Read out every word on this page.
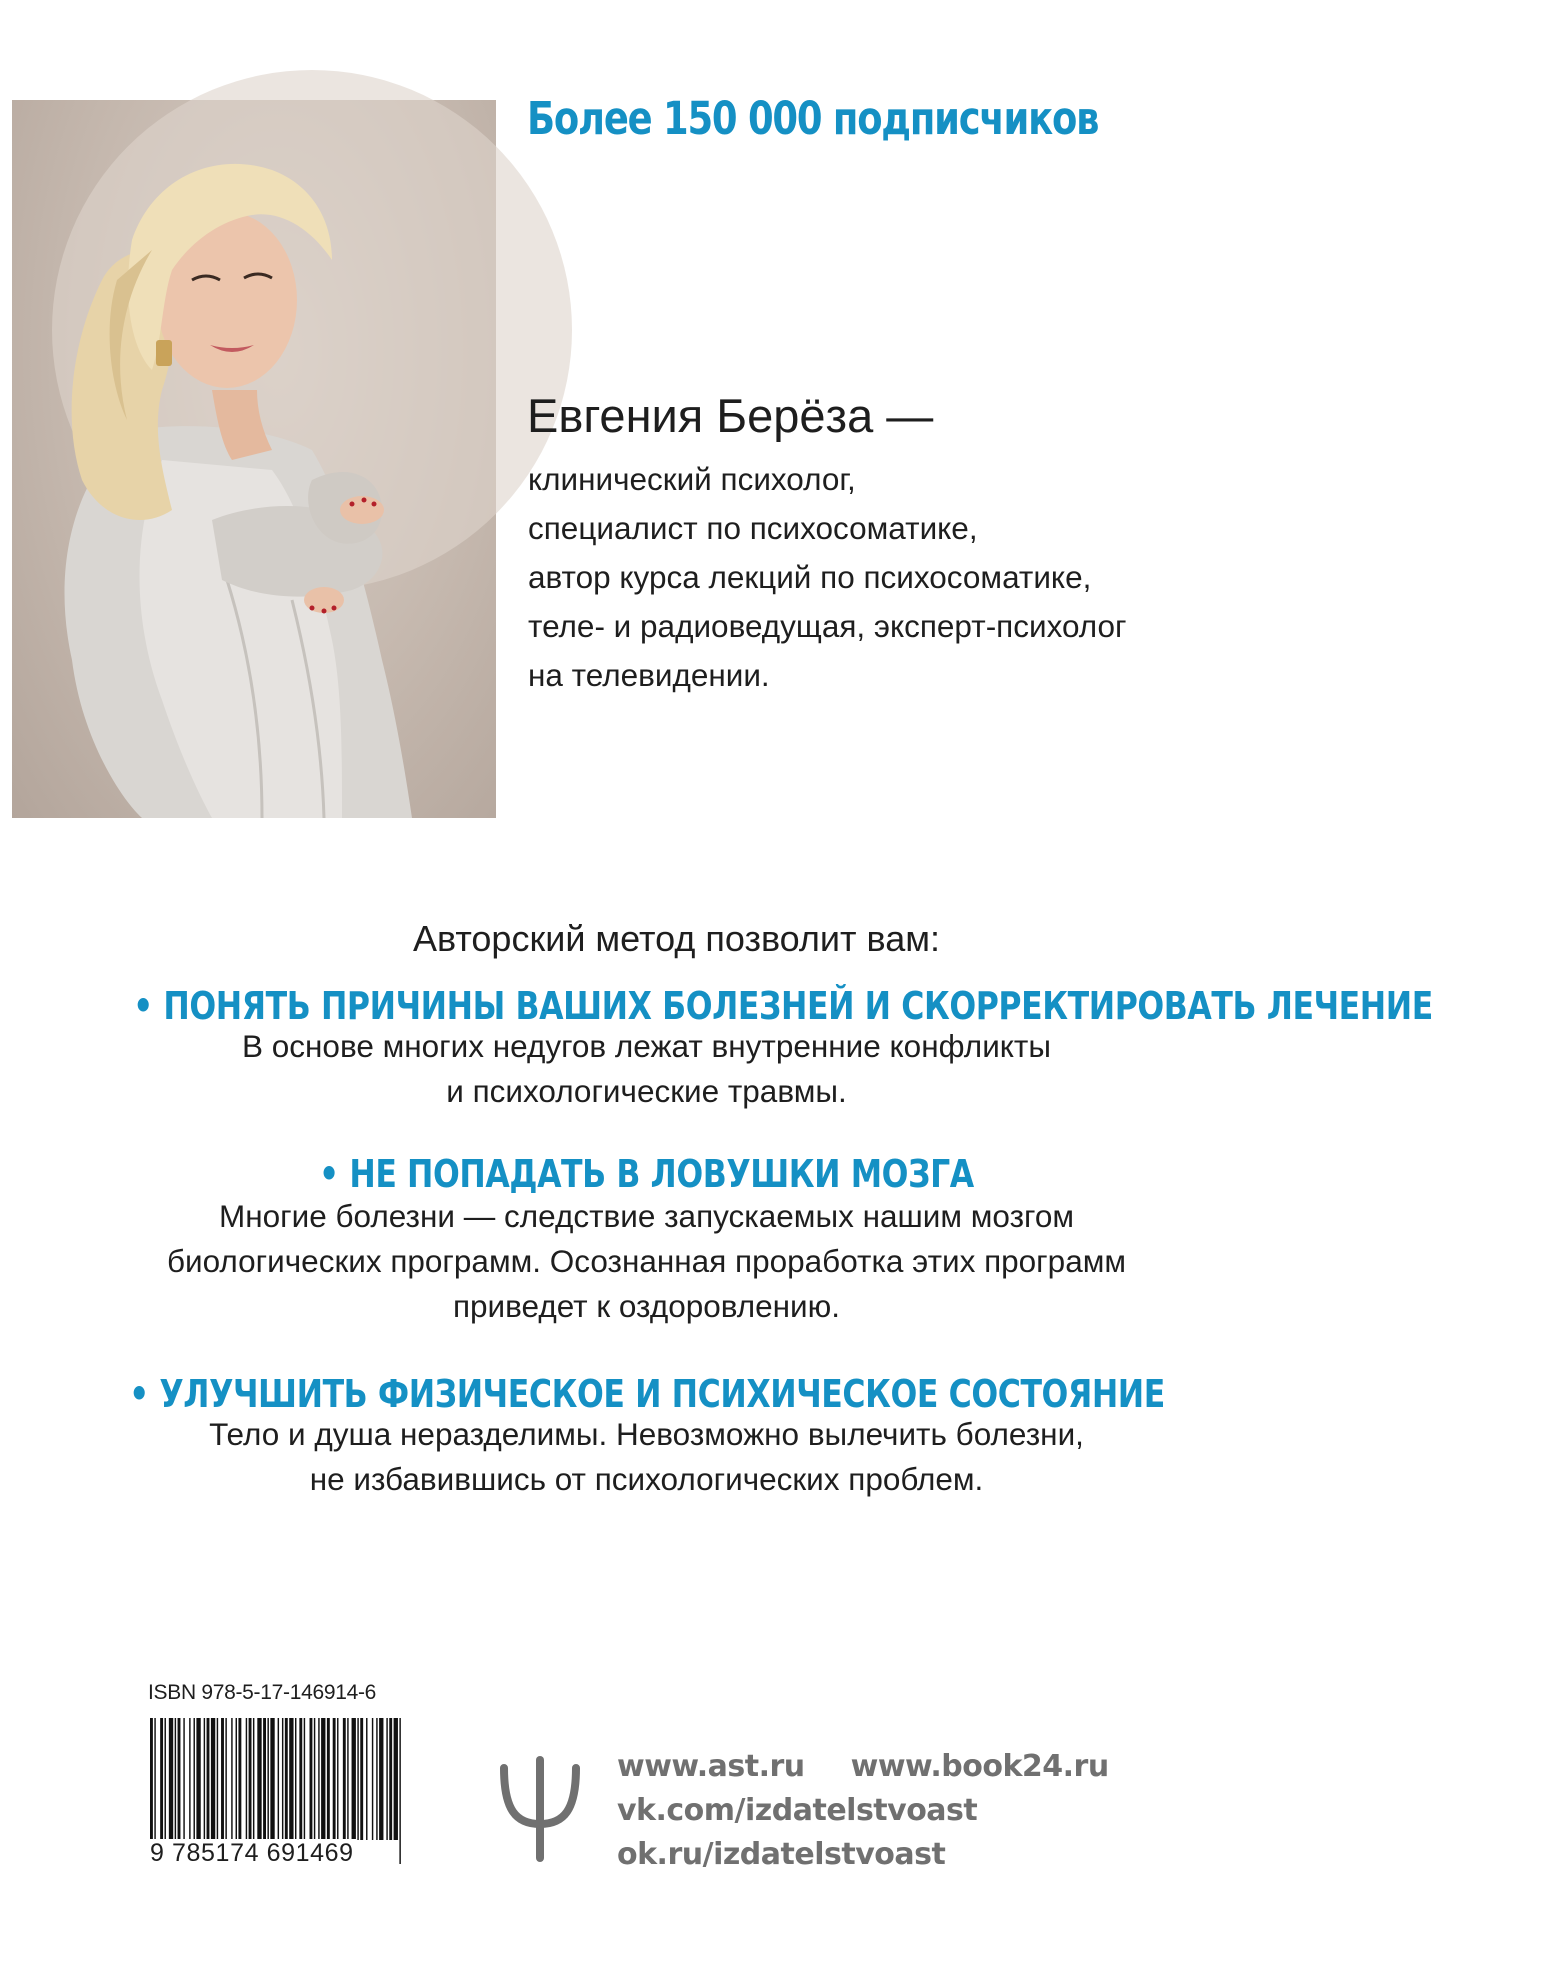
Более 150 000 подписчиков
Евгения Берёза —
клинический психолог,
специалист по психосоматике,
автор курса лекций по психосоматике,
теле- и радиоведущая, эксперт-психолог
на телевидении.
Авторский метод позволит вам:
• ПОНЯТЬ ПРИЧИНЫ ВАШИХ БОЛЕЗНЕЙ И СКОРРЕКТИРОВАТЬ ЛЕЧЕНИЕ
В основе многих недугов лежат внутренние конфликты
и психологические травмы.
• НЕ ПОПАДАТЬ В ЛОВУШКИ МОЗГА
Многие болезни — следствие запускаемых нашим мозгом
биологических программ. Осознанная проработка этих программ
приведет к оздоровлению.
• УЛУЧШИТЬ ФИЗИЧЕСКОЕ И ПСИХИЧЕСКОЕ СОСТОЯНИЕ
Тело и душа неразделимы. Невозможно вылечить болезни,
не избавившись от психологических проблем.
ISBN 978-5-17-146914-6
9 785174 691469
www.ast.ru www.book24.ru
vk.com/izdatelstvoast
ok.ru/izdatelstvoast
